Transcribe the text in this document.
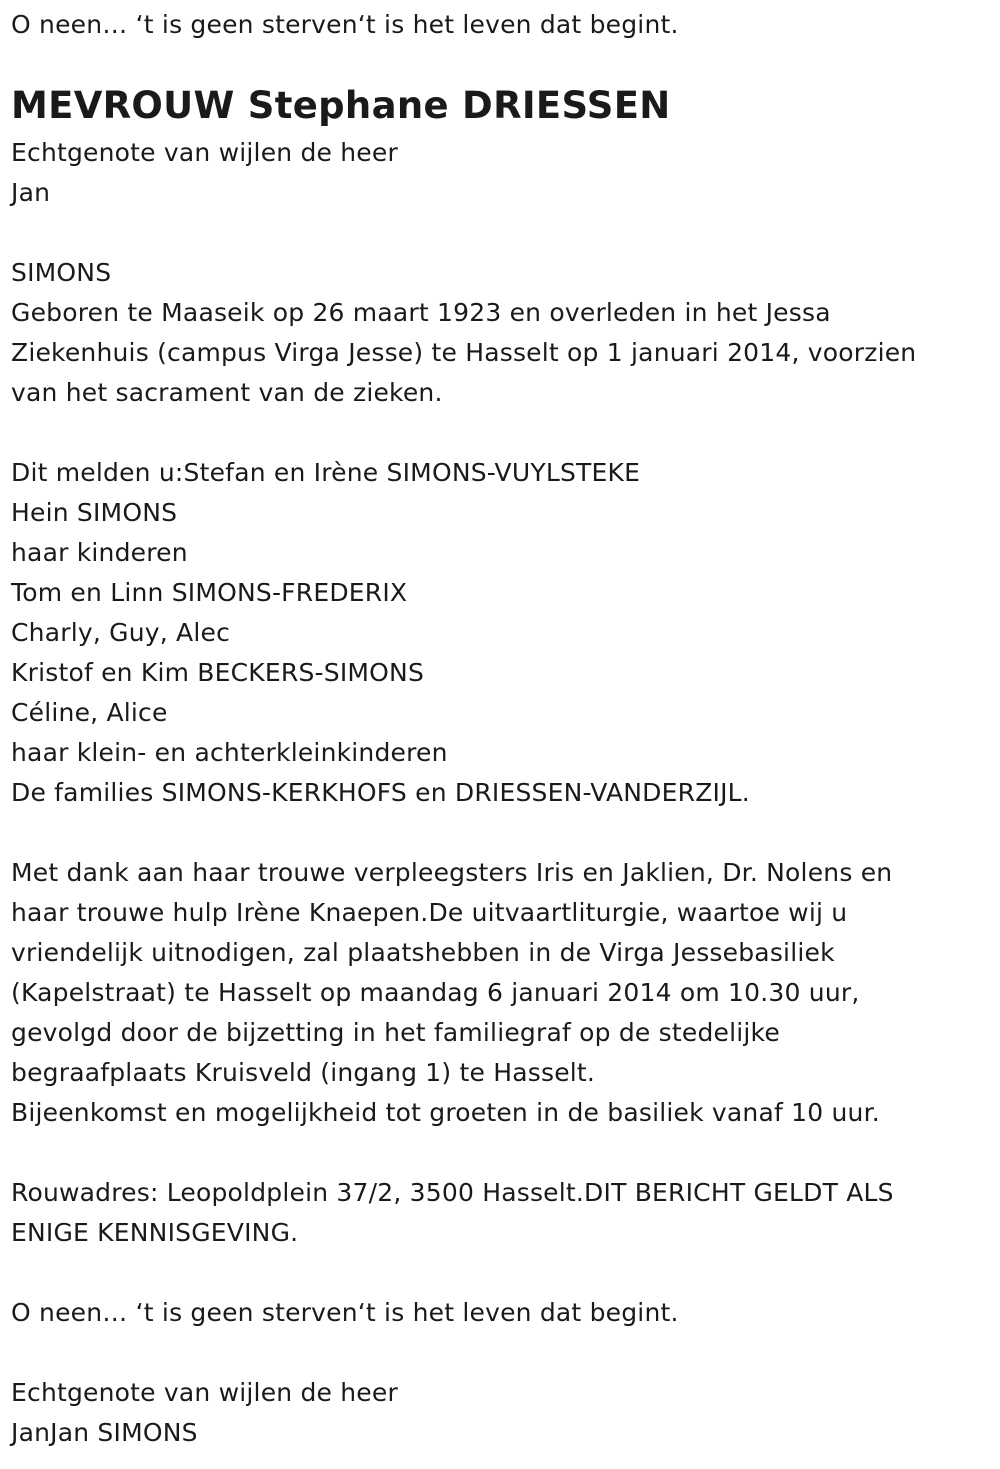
O neen… ‘t is geen sterven‘t is het leven dat begint.
MEVROUW Stephane DRIESSEN
Echtgenote van wijlen de heer
Jan
SIMONS
Geboren te Maaseik op 26 maart 1923 en overleden in het Jessa
Ziekenhuis (campus Virga Jesse) te Hasselt op 1 januari 2014, voorzien
van het sacrament van de zieken.
Dit melden u:Stefan en Irène SIMONS-VUYLSTEKE
Hein SIMONS
haar kinderen
Tom en Linn SIMONS-FREDERIX
Charly, Guy, Alec
Kristof en Kim BECKERS-SIMONS
Céline, Alice
haar klein- en achterkleinkinderen
De families SIMONS-KERKHOFS en DRIESSEN-VANDERZIJL.
Met dank aan haar trouwe verpleegsters Iris en Jaklien, Dr. Nolens en
haar trouwe hulp Irène Knaepen.De uitvaartliturgie, waartoe wij u
vriendelijk uitnodigen, zal plaatshebben in de Virga Jessebasiliek
(Kapelstraat) te Hasselt op maandag 6 januari 2014 om 10.30 uur,
gevolgd door de bijzetting in het familiegraf op de stedelijke
begraafplaats Kruisveld (ingang 1) te Hasselt.
Bijeenkomst en mogelijkheid tot groeten in de basiliek vanaf 10 uur.
Rouwadres: Leopoldplein 37/2, 3500 Hasselt.DIT BERICHT GELDT ALS
ENIGE KENNISGEVING.
O neen… ‘t is geen sterven‘t is het leven dat begint.
Echtgenote van wijlen de heer
JanJan SIMONS
